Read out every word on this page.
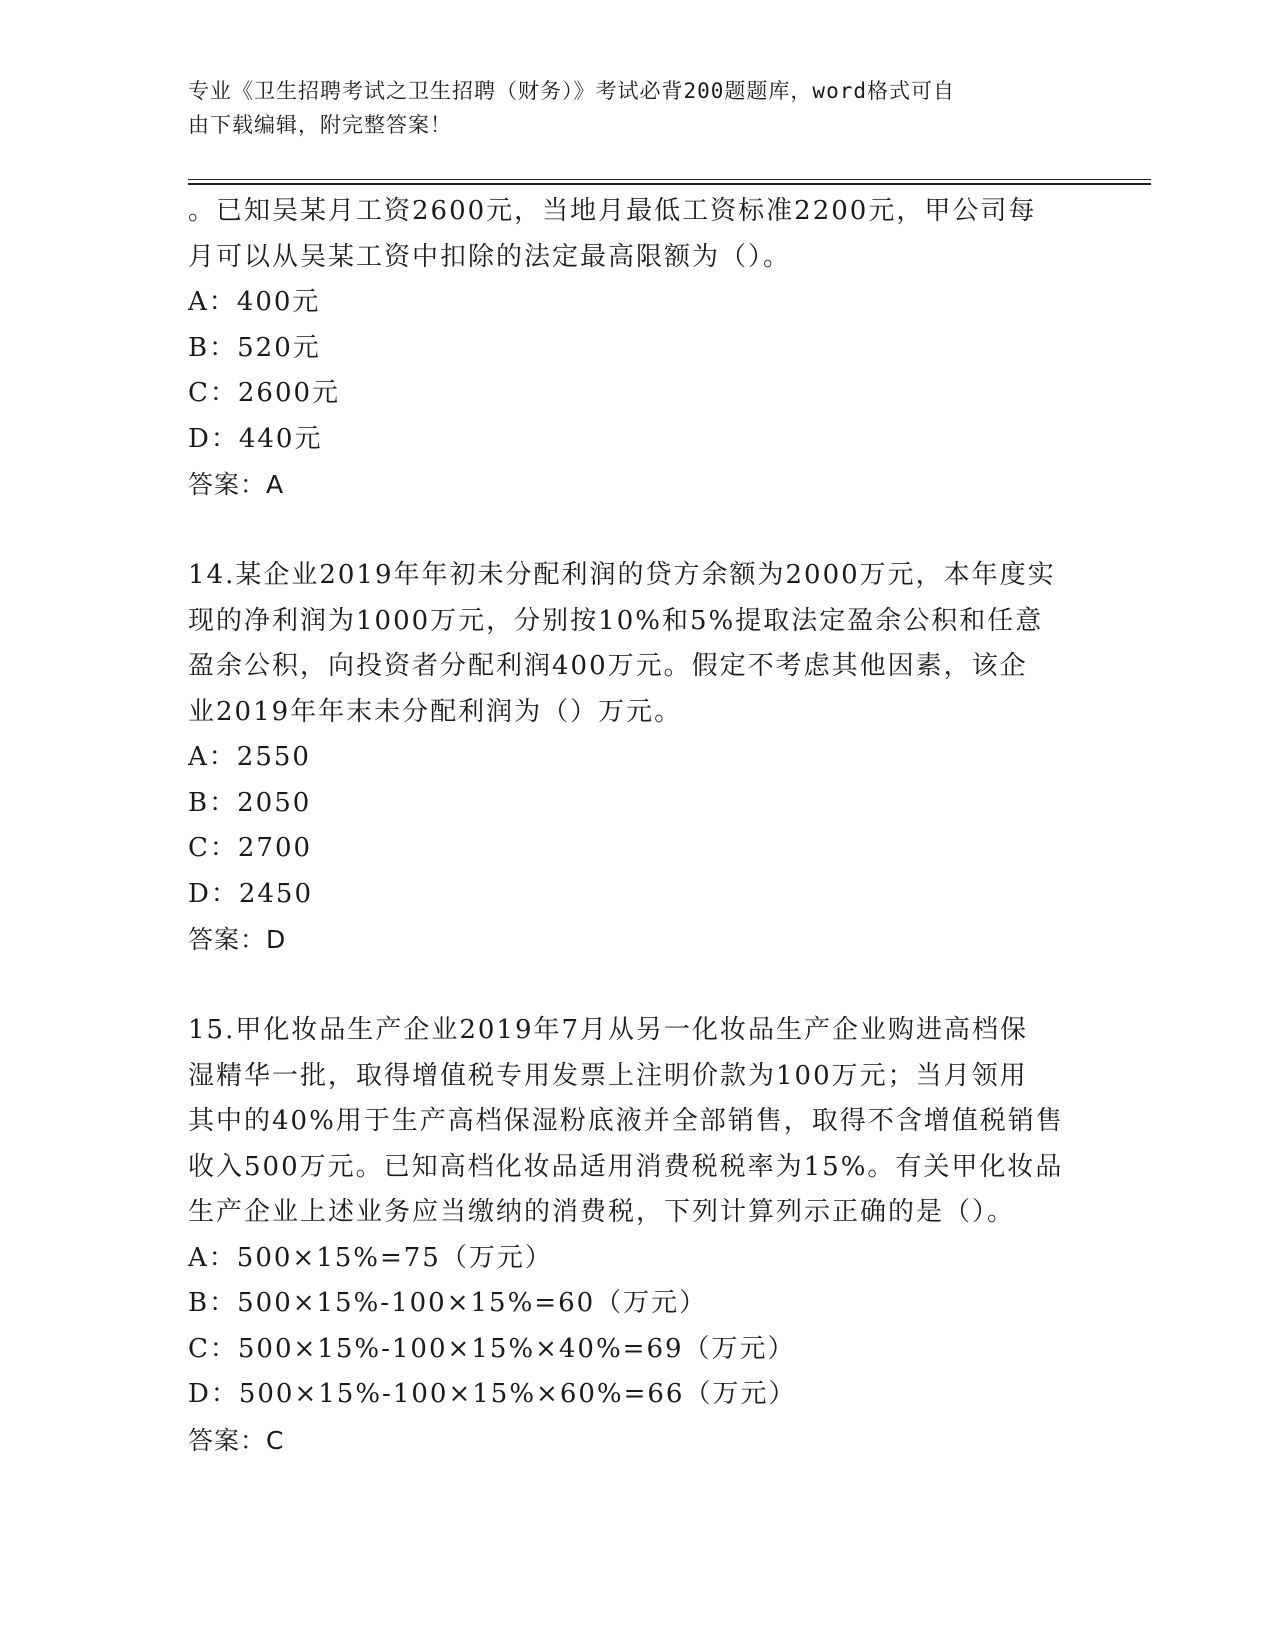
专业《卫生招聘考试之卫生招聘（财务）》考试必背200题题库，word格式可自
由下载编辑，附完整答案！

。已知吴某月工资2600元，当地月最低工资标准2200元，甲公司每

月可以从吴某工资中扣除的法定最高限额为（）。

A：400元

B：520元

C：2600元

D：440元

答案：A

14.某企业2019年年初未分配利润的贷方余额为2000万元，本年度实

现的净利润为1000万元，分别按10%和5%提取法定盈余公积和任意

盈余公积，向投资者分配利润400万元。假定不考虑其他因素，该企

业2019年年末未分配利润为（）万元。

A：2550

B：2050

C：2700

D：2450

答案：D

15.甲化妆品生产企业2019年7月从另一化妆品生产企业购进高档保

湿精华一批，取得增值税专用发票上注明价款为100万元；当月领用

其中的40%用于生产高档保湿粉底液并全部销售，取得不含增值税销售

收入500万元。已知高档化妆品适用消费税税率为15%。有关甲化妆品

生产企业上述业务应当缴纳的消费税，下列计算列示正确的是（）。

A：500×15%=75（万元）

B：500×15%-100×15%=60（万元）

C：500×15%-100×15%×40%=69（万元）

D：500×15%-100×15%×60%=66（万元）

答案：C
